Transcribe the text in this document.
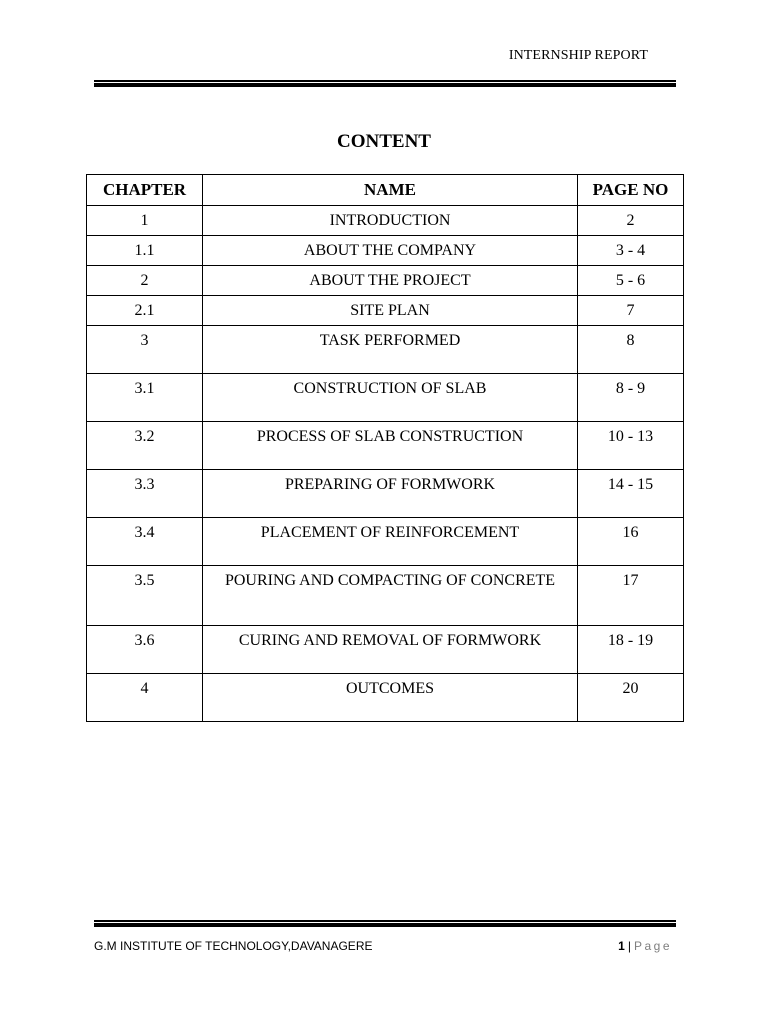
INTERNSHIP REPORT
CONTENT
CHAPTER	NAME	PAGE NO
1	INTRODUCTION	2
1.1	ABOUT THE COMPANY	3 - 4
2	ABOUT THE PROJECT	5 - 6
2.1	SITE PLAN	7
3	TASK PERFORMED	8
3.1	CONSTRUCTION OF SLAB	8 - 9
3.2	PROCESS OF SLAB CONSTRUCTION	10 - 13
3.3	PREPARING OF FORMWORK	14 - 15
3.4	PLACEMENT OF REINFORCEMENT	16
3.5	POURING AND COMPACTING OF CONCRETE	17
3.6	CURING AND REMOVAL OF FORMWORK	18 - 19
4	OUTCOMES	20
G.M INSTITUTE OF TECHNOLOGY,DAVANAGERE	1 | Page
